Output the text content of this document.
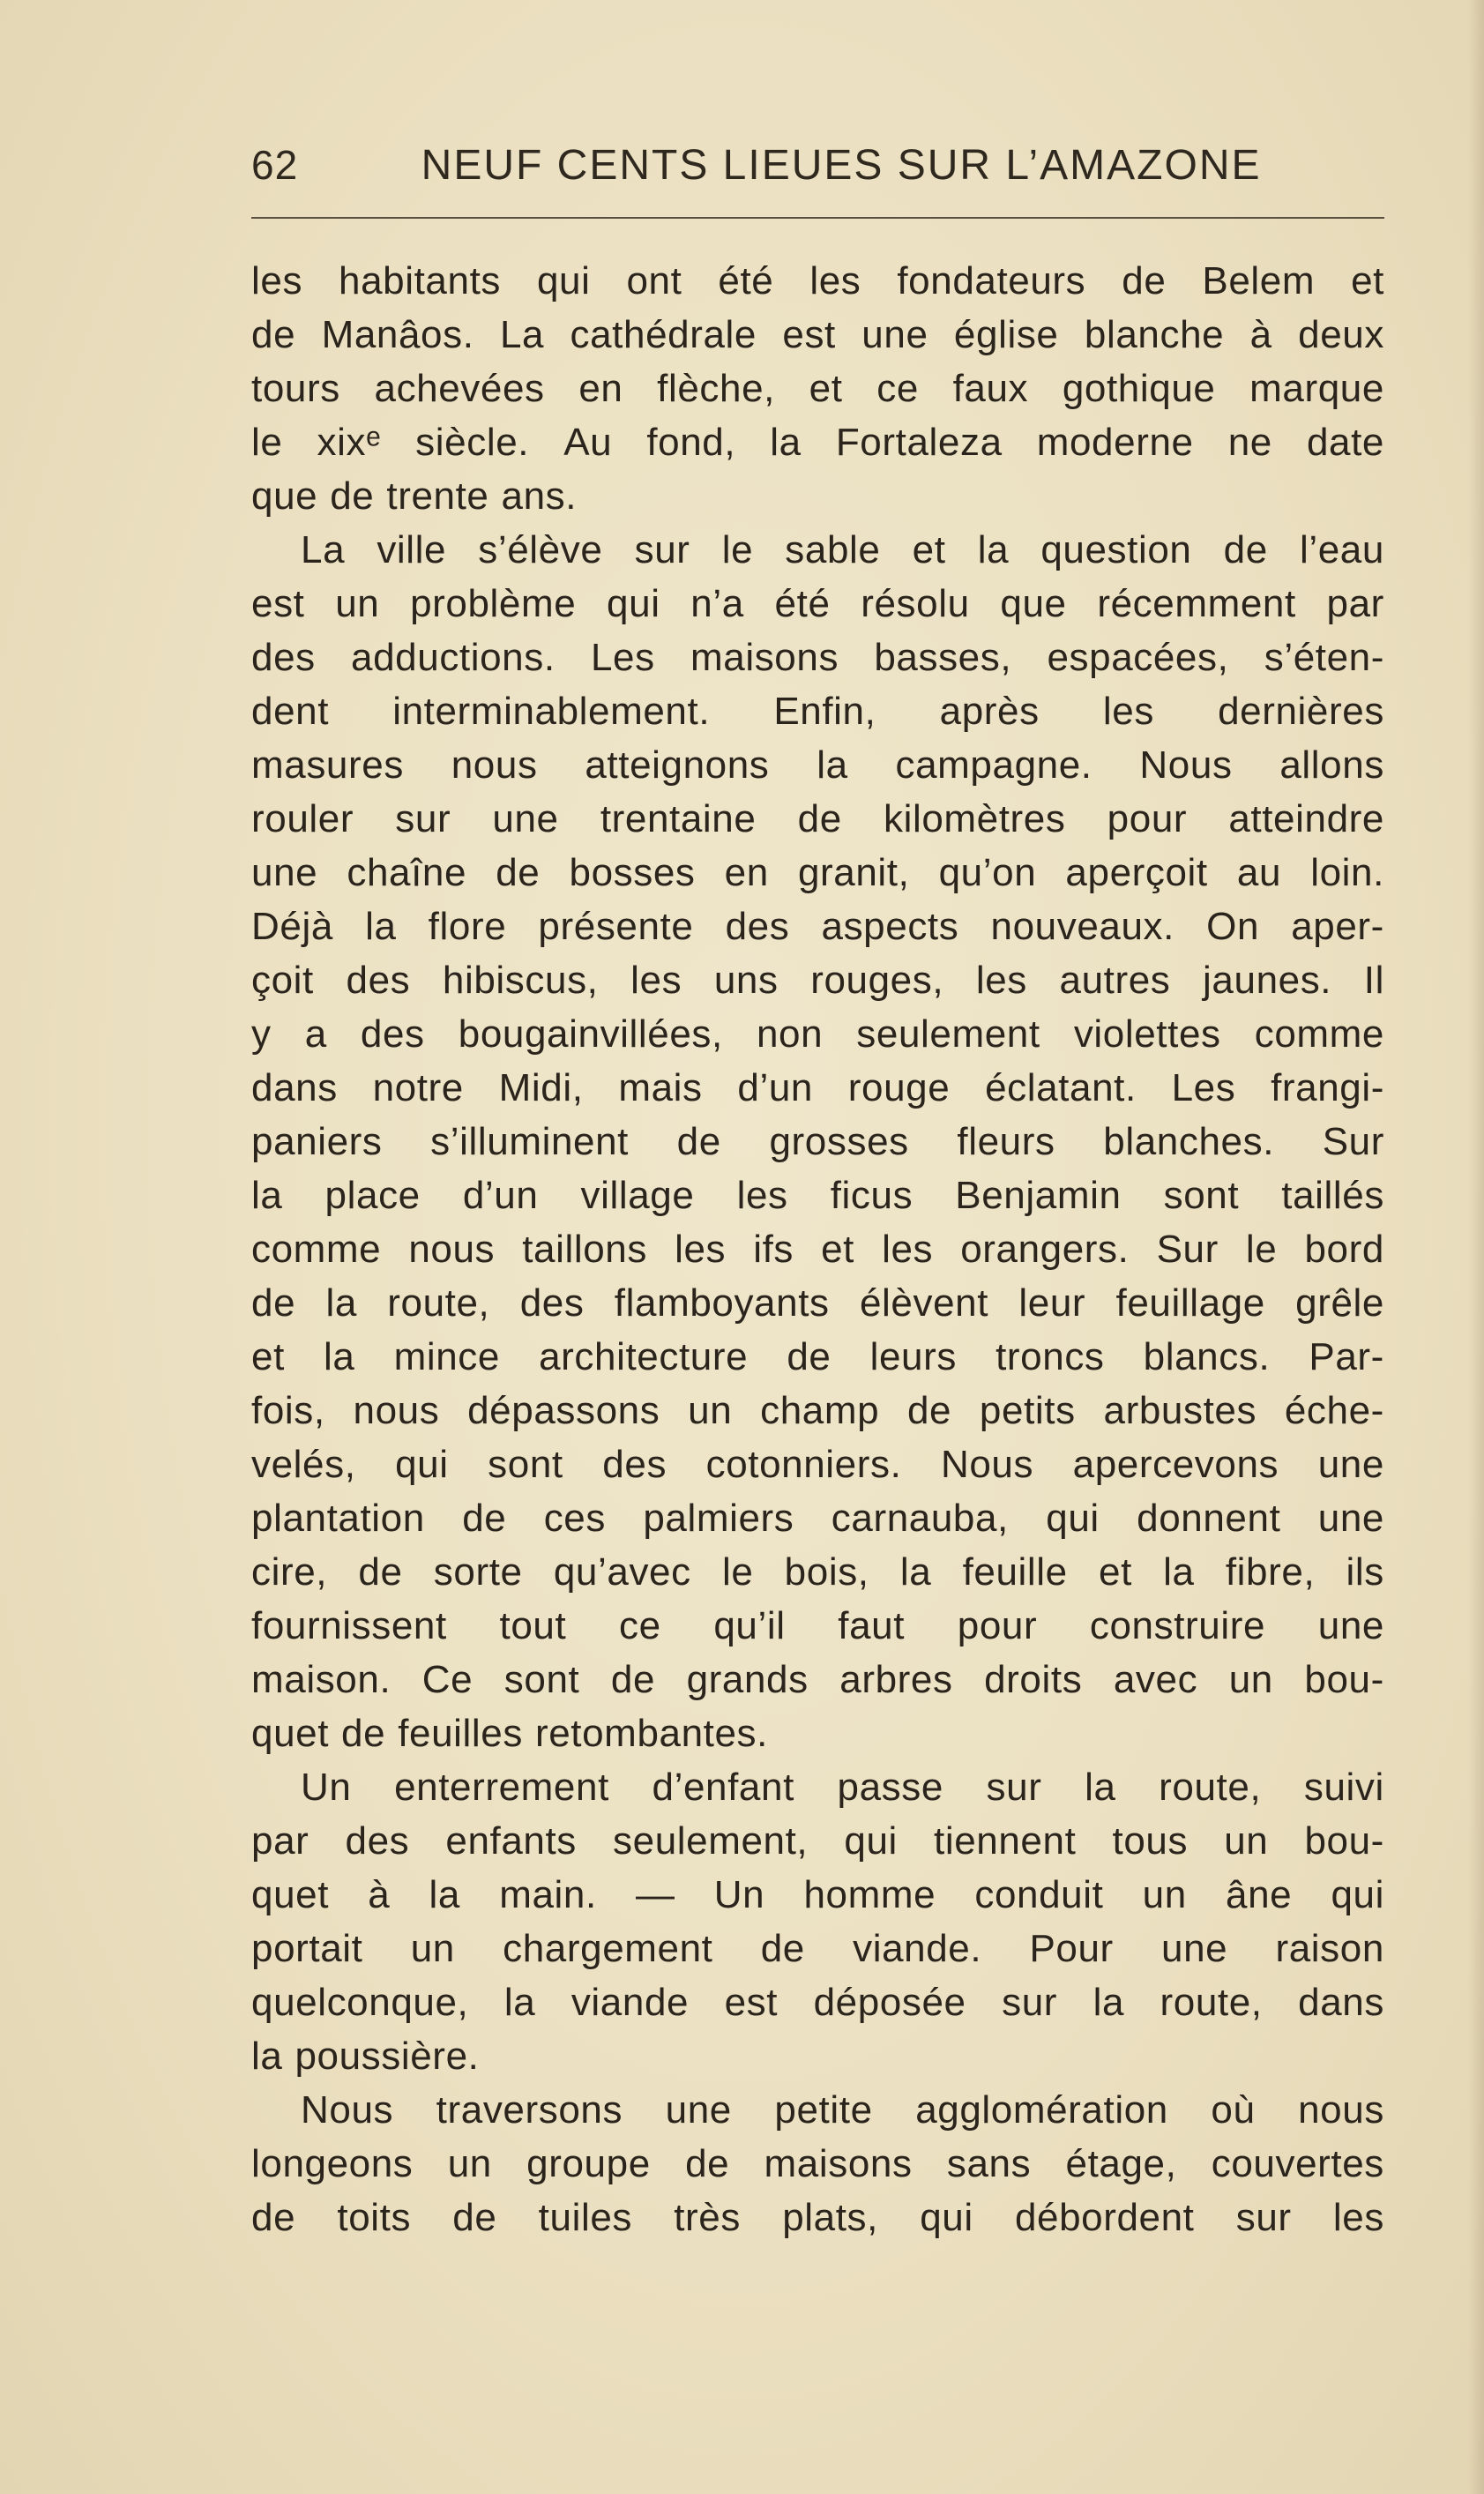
62	NEUF CENTS LIEUES SUR L’AMAZONE
les habitants qui ont été les fondateurs de Belem et
de Manâos. La cathédrale est une église blanche à deux
tours achevées en flèche, et ce faux gothique marque
le xixᵉ siècle. Au fond, la Fortaleza moderne ne date
que de trente ans.
La ville s’élève sur le sable et la question de l’eau
est un problème qui n’a été résolu que récemment par
des adductions. Les maisons basses, espacées, s’éten-
dent interminablement. Enfin, après les dernières
masures nous atteignons la campagne. Nous allons
rouler sur une trentaine de kilomètres pour atteindre
une chaîne de bosses en granit, qu’on aperçoit au loin.
Déjà la flore présente des aspects nouveaux. On aper-
çoit des hibiscus, les uns rouges, les autres jaunes. Il
y a des bougainvillées, non seulement violettes comme
dans notre Midi, mais d’un rouge éclatant. Les frangi-
paniers s’illuminent de grosses fleurs blanches. Sur
la place d’un village les ficus Benjamin sont taillés
comme nous taillons les ifs et les orangers. Sur le bord
de la route, des flamboyants élèvent leur feuillage grêle
et la mince architecture de leurs troncs blancs. Par-
fois, nous dépassons un champ de petits arbustes éche-
velés, qui sont des cotonniers. Nous apercevons une
plantation de ces palmiers carnauba, qui donnent une
cire, de sorte qu’avec le bois, la feuille et la fibre, ils
fournissent tout ce qu’il faut pour construire une
maison. Ce sont de grands arbres droits avec un bou-
quet de feuilles retombantes.
Un enterrement d’enfant passe sur la route, suivi
par des enfants seulement, qui tiennent tous un bou-
quet à la main. — Un homme conduit un âne qui
portait un chargement de viande. Pour une raison
quelconque, la viande est déposée sur la route, dans
la poussière.
Nous traversons une petite agglomération où nous
longeons un groupe de maisons sans étage, couvertes
de toits de tuiles très plats, qui débordent sur les
